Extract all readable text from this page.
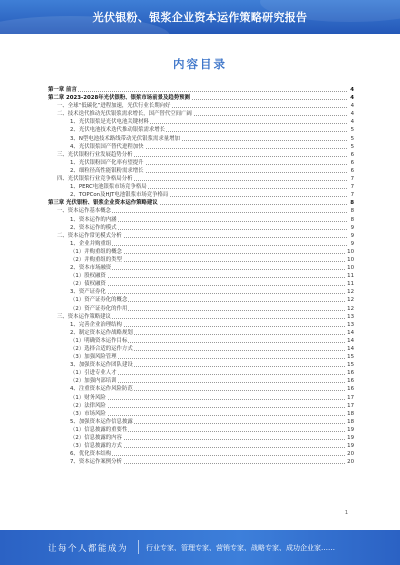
光伏银粉、银浆企业资本运作策略研究报告
内容目录
第一章 前言	4
第二章 2023-2028年光伏银粉、银浆市场前景及趋势预测	4
一、全球“低碳化”进程加速，光伏行业长期向好	4
二、技术迭代推动光伏银浆需求增长，国产替代空间广阔	4
1、光伏银浆是光伏电池关键材料	4
2、光伏电池技术迭代推动银浆需求增长	5
3、N型电池技术路线带动光伏银浆需求量增加	5
4、光伏银浆国产替代进程加快	5
三、光伏银粉行业发展趋势分析	6
1、光伏银粉国产化率有望提升	6
2、细粒径高性能银粉需求增长	6
四、光伏银浆行业竞争格局分析	7
1、PERC电池银浆市场竞争格局	7
2、TOPCon及HJT电池银浆市场竞争格局	7
第三章 光伏银粉、银浆企业资本运作策略建议	8
一、资本运作基本概念	8
1、资本运作的内涵	8
2、资本运作的模式	9
二、资本运作常见模式分析	9
1、企业并购重组	9
（1）并购重组的概念	10
（2）并购重组的类型	10
2、资本市场融资	10
（1）股权融资	11
（2）债权融资	11
3、资产证券化	12
（1）资产证券化的概念	12
（2）资产证券化的作用	12
三、资本运作策略建议	13
1、完善企业治理结构	13
2、制定资本运作战略规划	14
（1）明确资本运作目标	14
（2）选择合适的运作方式	14
（3）加强风险管理	15
3、加强资本运作团队建设	15
（1）引进专业人才	16
（2）加强内部培训	16
4、注重资本运作风险防范	16
（1）财务风险	17
（2）法律风险	17
（3）市场风险	18
5、加强资本运作信息披露	18
（1）信息披露的重要性	19
（2）信息披露的内容	19
（3）信息披露的方式	19
6、优化资本结构	20
7、资本运作案例分析	20
1
让每个人都能成为	行业专家、管理专家、营销专家、战略专家、成功企业家……
